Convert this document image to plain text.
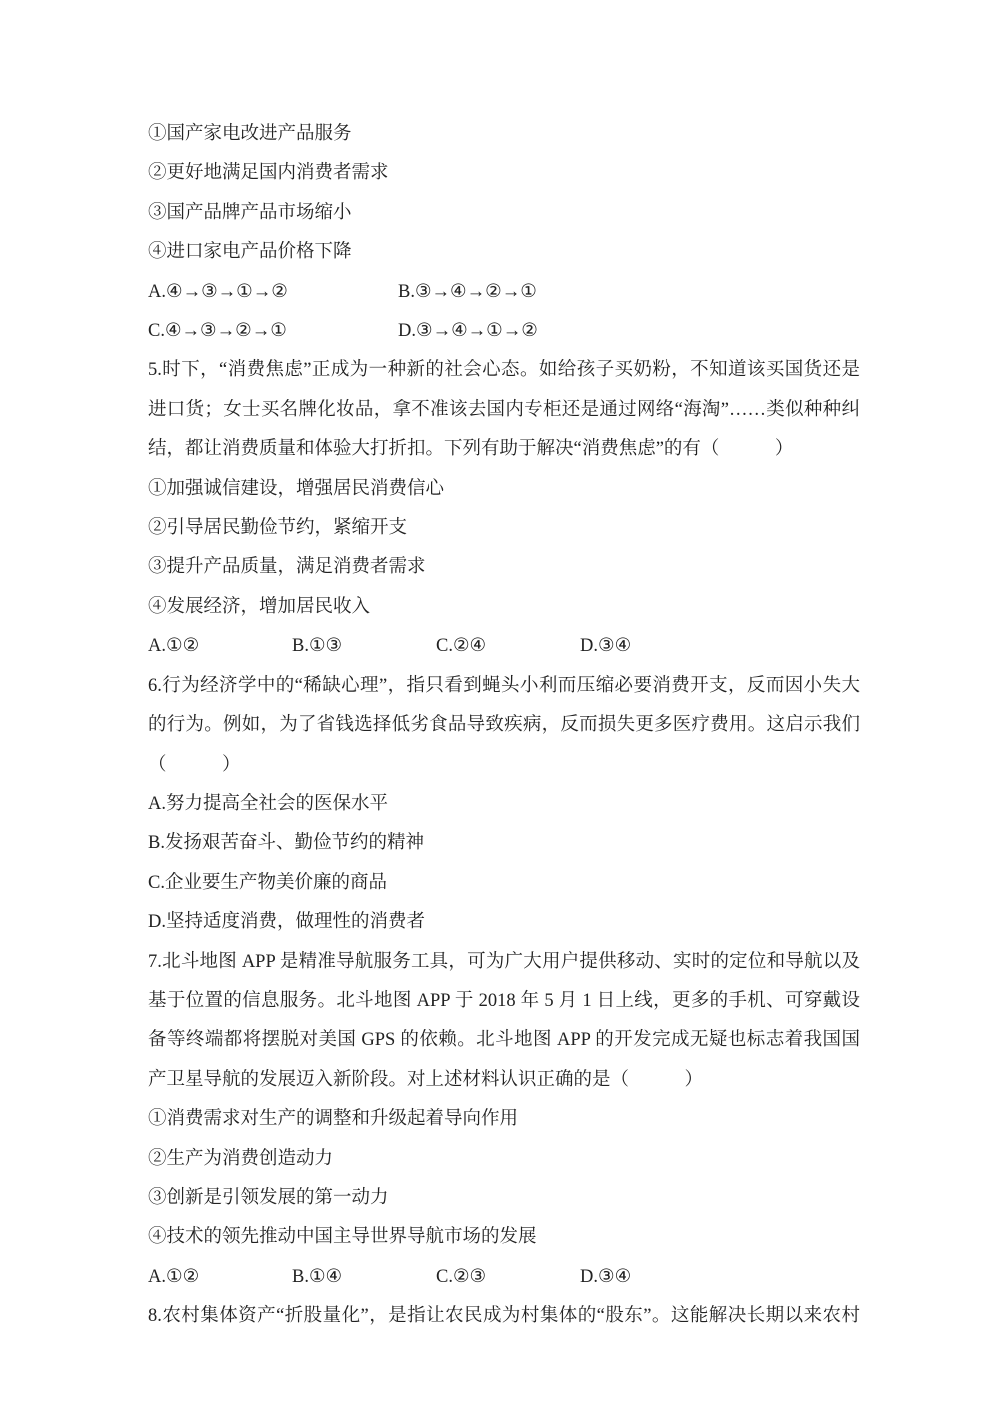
①国产家电改进产品服务

②更好地满足国内消费者需求

③国产品牌产品市场缩小

④进口家电产品价格下降

A.④→③→①→②	B.③→④→②→①
C.④→③→②→①	D.③→④→①→②

5.时下，“消费焦虑”正成为一种新的社会心态。如给孩子买奶粉，不知道该买国货还是进口货；女士买名牌化妆品，拿不准该去国内专柜还是通过网络“海淘”……类似种种纠结，都让消费质量和体验大打折扣。下列有助于解决“消费焦虑”的有（　　　）

①加强诚信建设，增强居民消费信心

②引导居民勤俭节约，紧缩开支

③提升产品质量，满足消费者需求

④发展经济，增加居民收入

A.①②	B.①③	C.②④	D.③④

6.行为经济学中的“稀缺心理”，指只看到蝇头小利而压缩必要消费开支，反而因小失大的行为。例如，为了省钱选择低劣食品导致疾病，反而损失更多医疗费用。这启示我们（　　　）

A.努力提高全社会的医保水平

B.发扬艰苦奋斗、勤俭节约的精神

C.企业要生产物美价廉的商品

D.坚持适度消费，做理性的消费者

7.北斗地图 APP 是精准导航服务工具，可为广大用户提供移动、实时的定位和导航以及基于位置的信息服务。北斗地图 APP 于 2018 年 5 月 1 日上线，更多的手机、可穿戴设备等终端都将摆脱对美国 GPS 的依赖。北斗地图 APP 的开发完成无疑也标志着我国国产卫星导航的发展迈入新阶段。对上述材料认识正确的是（　　　）

①消费需求对生产的调整和升级起着导向作用

②生产为消费创造动力

③创新是引领发展的第一动力

④技术的领先推动中国主导世界导航市场的发展

A.①②	B.①④	C.②③	D.③④

8.农村集体资产“折股量化”，是指让农民成为村集体的“股东”。这能解决长期以来农村
